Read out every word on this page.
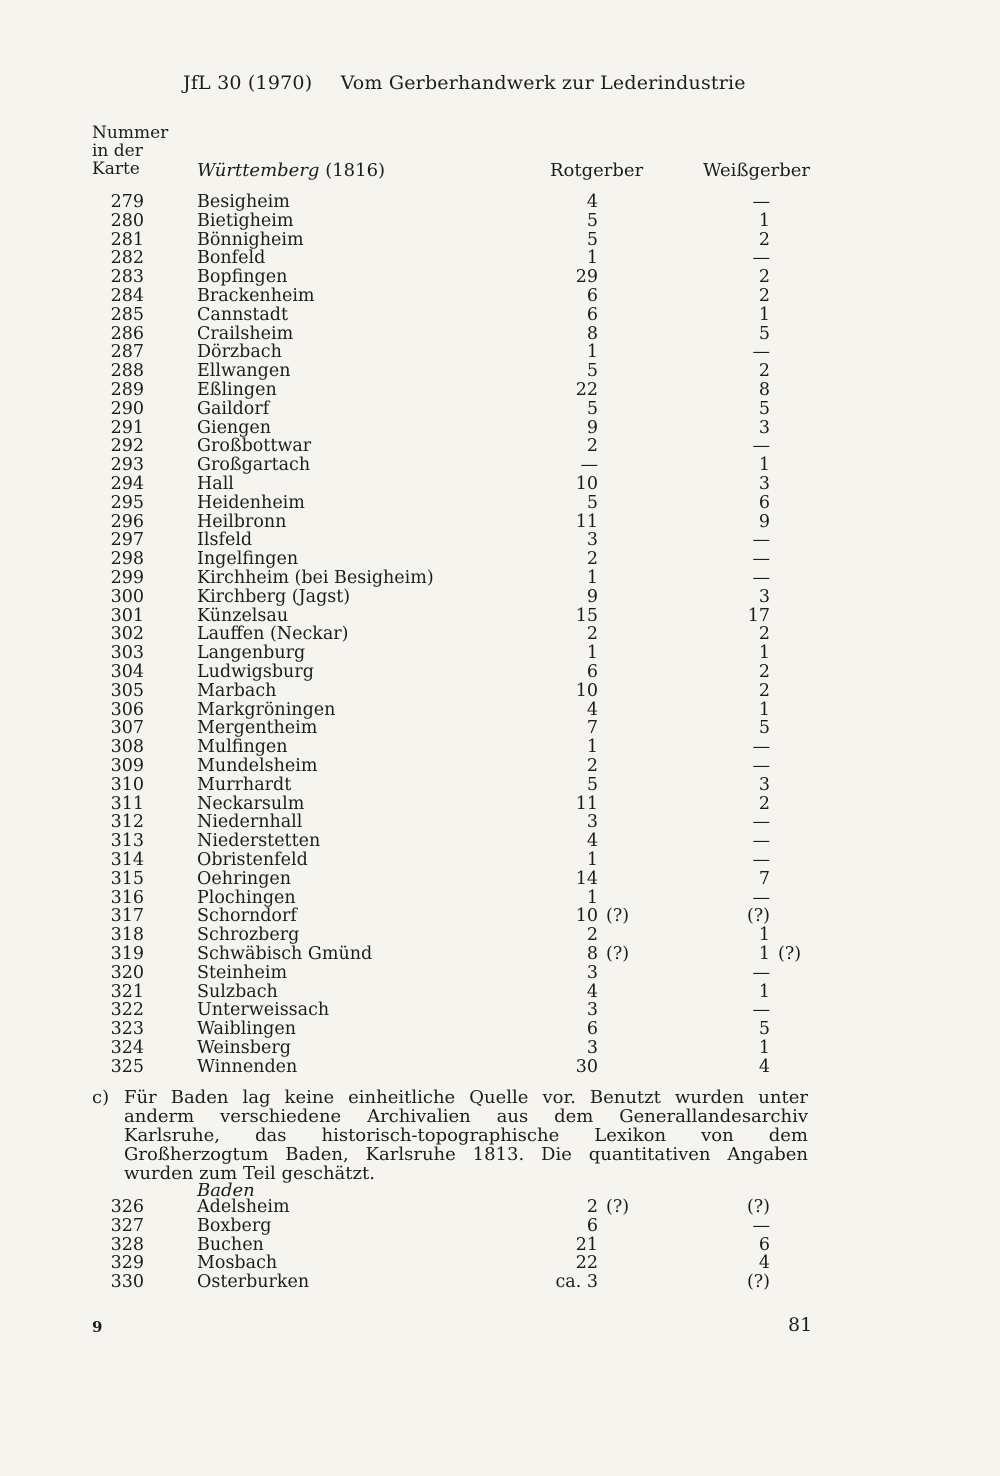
JfL 30 (1970) Vom Gerberhandwerk zur Lederindustrie
Nummer
in der
Karte	Württemberg (1816)	Rotgerber	Weißgerber
279	Besigheim	4	—
280	Bietigheim	5	1
281	Bönnigheim	5	2
282	Bonfeld	1	—
283	Bopfingen	29	2
284	Brackenheim	6	2
285	Cannstadt	6	1
286	Crailsheim	8	5
287	Dörzbach	1	—
288	Ellwangen	5	2
289	Eßlingen	22	8
290	Gaildorf	5	5
291	Giengen	9	3
292	Großbottwar	2	—
293	Großgartach	—	1
294	Hall	10	3
295	Heidenheim	5	6
296	Heilbronn	11	9
297	Ilsfeld	3	—
298	Ingelfingen	2	—
299	Kirchheim (bei Besigheim)	1	—
300	Kirchberg (Jagst)	9	3
301	Künzelsau	15	17
302	Lauffen (Neckar)	2	2
303	Langenburg	1	1
304	Ludwigsburg	6	2
305	Marbach	10	2
306	Markgröningen	4	1
307	Mergentheim	7	5
308	Mulfingen	1	—
309	Mundelsheim	2	—
310	Murrhardt	5	3
311	Neckarsulm	11	2
312	Niedernhall	3	—
313	Niederstetten	4	—
314	Obristenfeld	1	—
315	Oehringen	14	7
316	Plochingen	1	—
317	Schorndorf	10 (?)	(?)
318	Schrozberg	2	1
319	Schwäbisch Gmünd	8 (?)	1 (?)
320	Steinheim	3	—
321	Sulzbach	4	1
322	Unterweissach	3	—
323	Waiblingen	6	5
324	Weinsberg	3	1
325	Winnenden	30	4
c) Für Baden lag keine einheitliche Quelle vor. Benutzt wurden unter anderm verschiedene Archivalien aus dem Generallandesarchiv Karlsruhe, das historisch-topographische Lexikon von dem Großherzogtum Baden, Karlsruhe 1813. Die quantitativen Angaben wurden zum Teil geschätzt.
Baden
326	Adelsheim	2 (?)	(?)
327	Boxberg	6	—
328	Buchen	21	6
329	Mosbach	22	4
330	Osterburken	ca. 3	(?)
9	81
